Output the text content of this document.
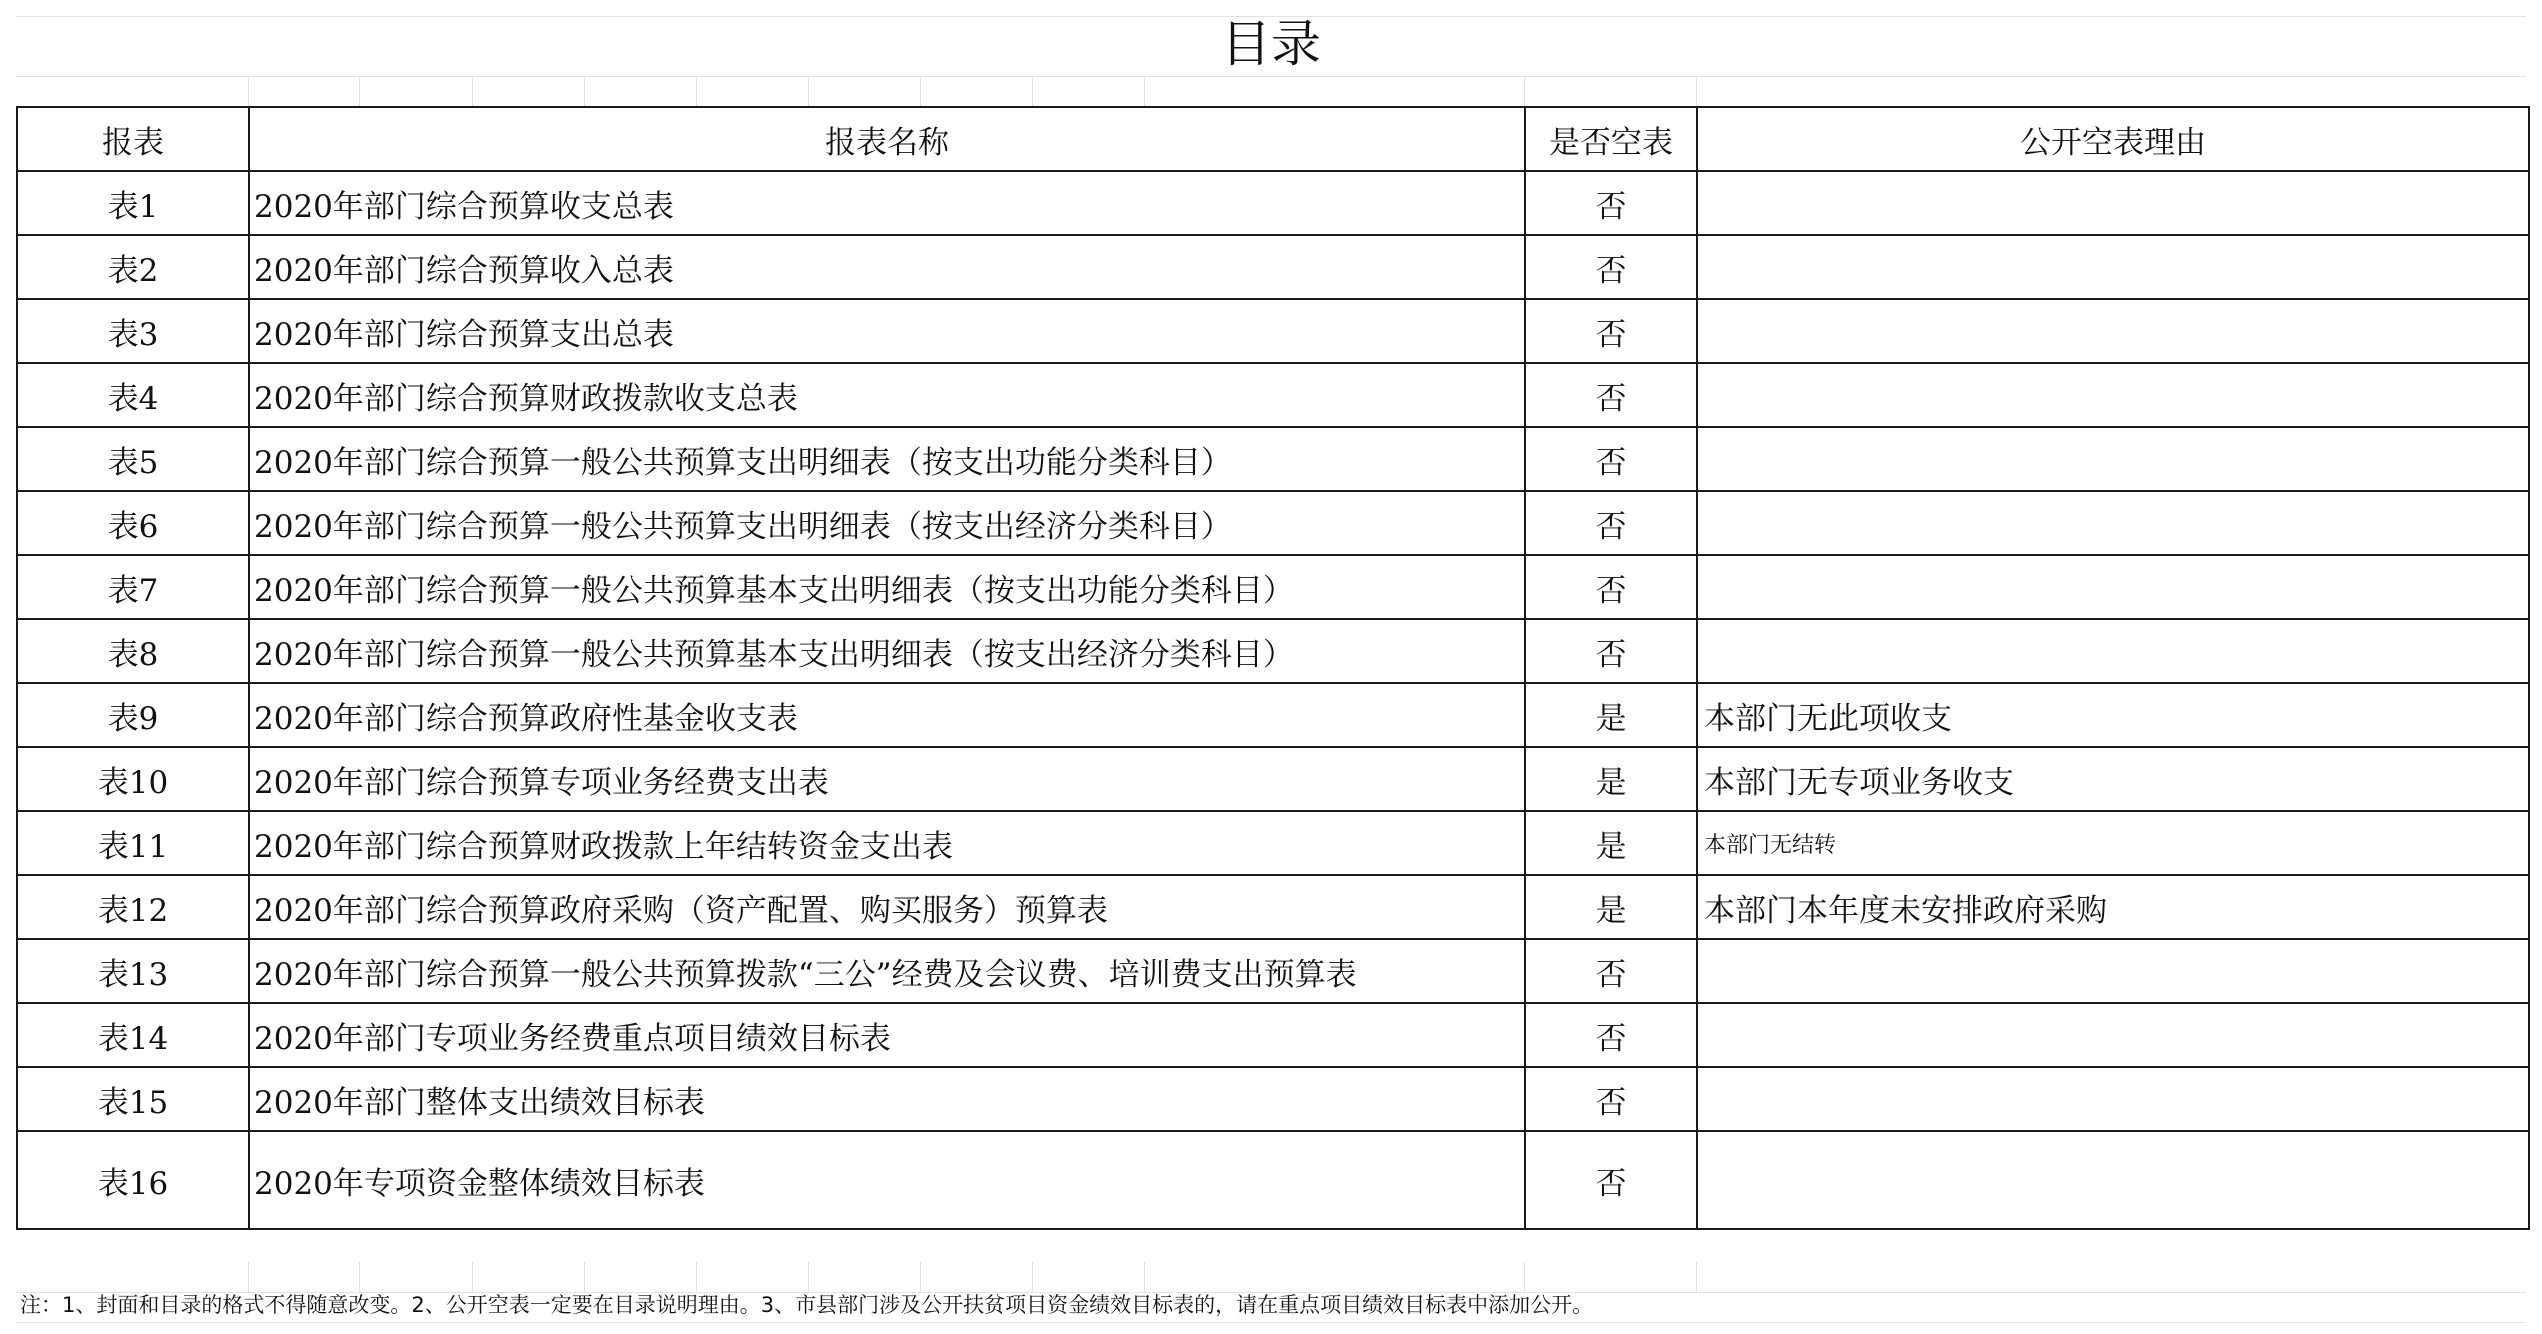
目录
报表	报表名称	是否空表	公开空表理由
表1	2020年部门综合预算收支总表	否	
表2	2020年部门综合预算收入总表	否	
表3	2020年部门综合预算支出总表	否	
表4	2020年部门综合预算财政拨款收支总表	否	
表5	2020年部门综合预算一般公共预算支出明细表（按支出功能分类科目）	否	
表6	2020年部门综合预算一般公共预算支出明细表（按支出经济分类科目）	否	
表7	2020年部门综合预算一般公共预算基本支出明细表（按支出功能分类科目）	否	
表8	2020年部门综合预算一般公共预算基本支出明细表（按支出经济分类科目）	否	
表9	2020年部门综合预算政府性基金收支表	是	本部门无此项收支
表10	2020年部门综合预算专项业务经费支出表	是	本部门无专项业务收支
表11	2020年部门综合预算财政拨款上年结转资金支出表	是	本部门无结转
表12	2020年部门综合预算政府采购（资产配置、购买服务）预算表	是	本部门本年度未安排政府采购
表13	2020年部门综合预算一般公共预算拨款“三公”经费及会议费、培训费支出预算表	否	
表14	2020年部门专项业务经费重点项目绩效目标表	否	
表15	2020年部门整体支出绩效目标表	否	
表16	2020年专项资金整体绩效目标表	否	
注：1、封面和目录的格式不得随意改变。2、公开空表一定要在目录说明理由。3、市县部门涉及公开扶贫项目资金绩效目标表的，请在重点项目绩效目标表中添加公开。
